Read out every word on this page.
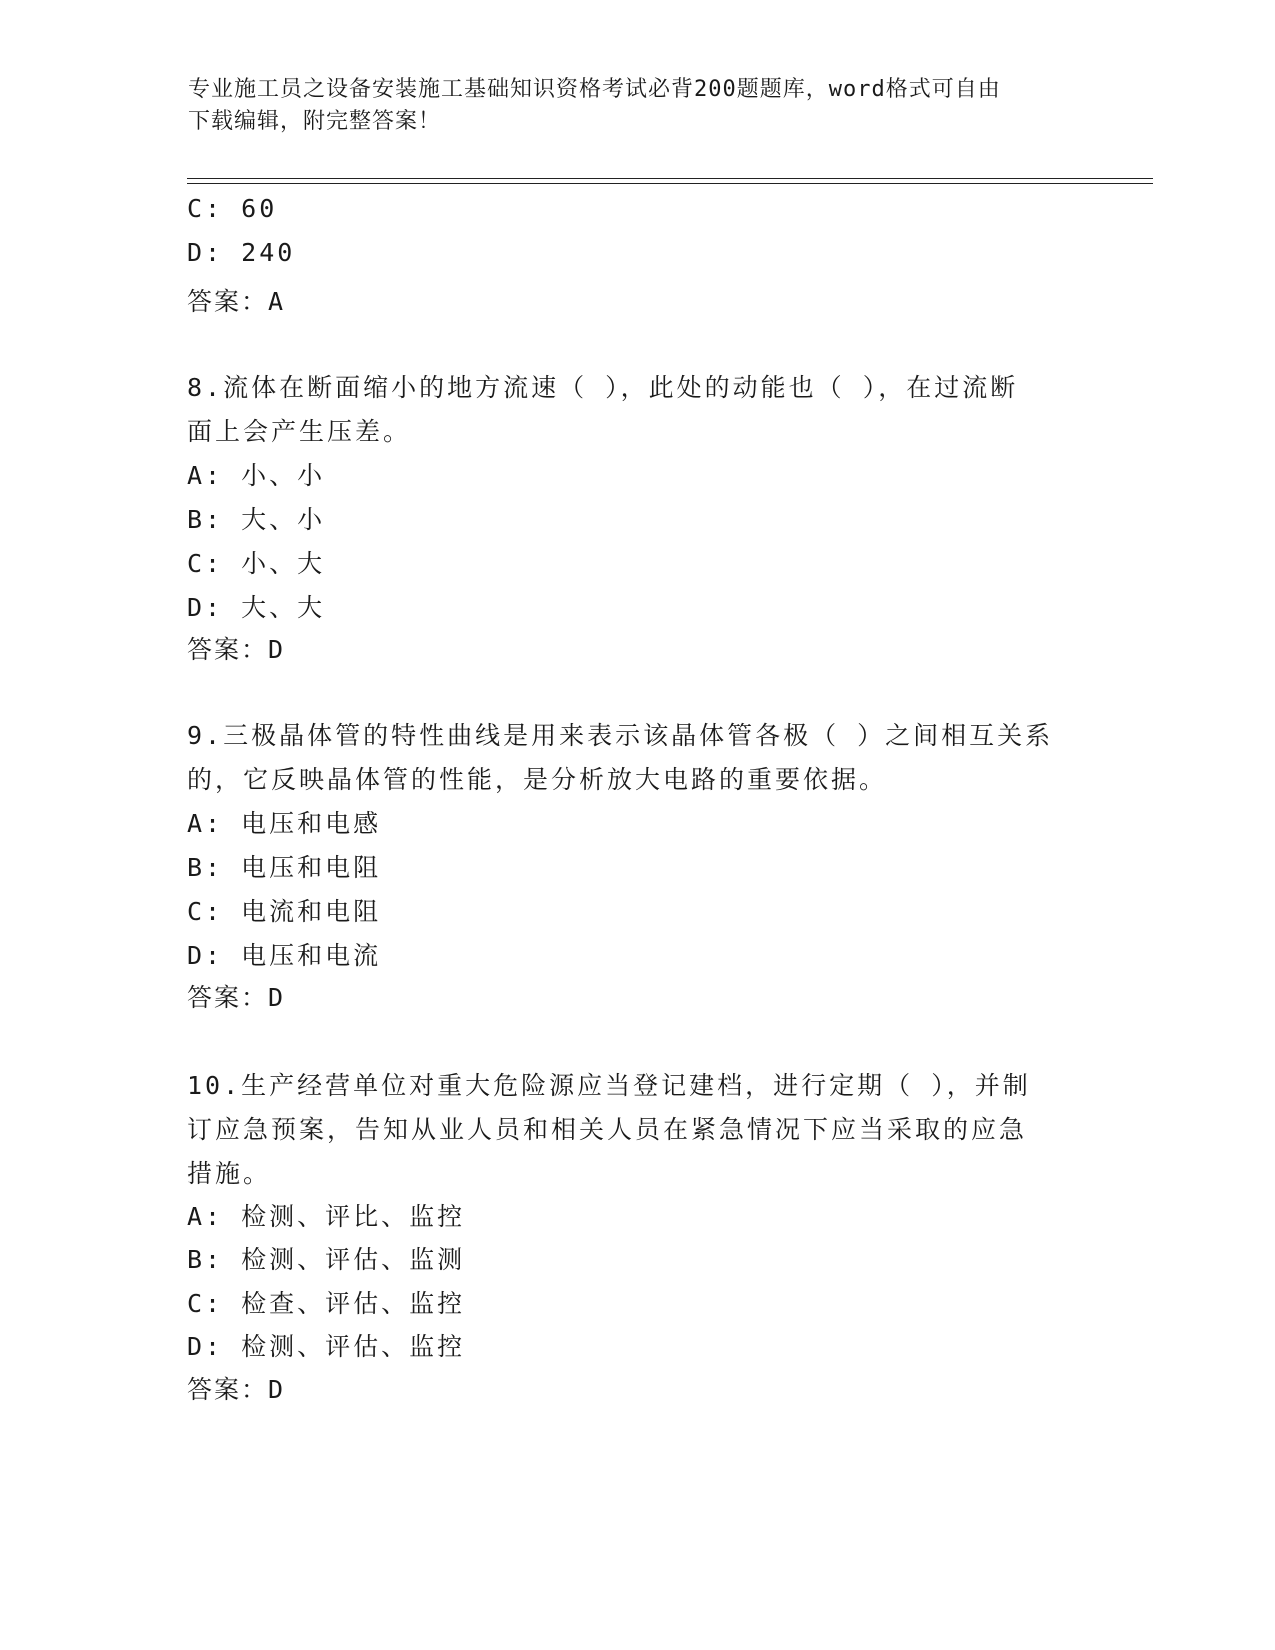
专业施工员之设备安装施工基础知识资格考试必背200题题库，word格式可自由
下载编辑，附完整答案！
C: 60
D: 240
答案：A
8.流体在断面缩小的地方流速（ ），此处的动能也（ ），在过流断
面上会产生压差。
A: 小、小
B: 大、小
C: 小、大
D: 大、大
答案：D
9.三极晶体管的特性曲线是用来表示该晶体管各极（ ）之间相互关系
的，它反映晶体管的性能，是分析放大电路的重要依据。
A: 电压和电感
B: 电压和电阻
C: 电流和电阻
D: 电压和电流
答案：D
10.生产经营单位对重大危险源应当登记建档，进行定期（ ），并制
订应急预案，告知从业人员和相关人员在紧急情况下应当采取的应急
措施。
A: 检测、评比、监控
B: 检测、评估、监测
C: 检查、评估、监控
D: 检测、评估、监控
答案：D
